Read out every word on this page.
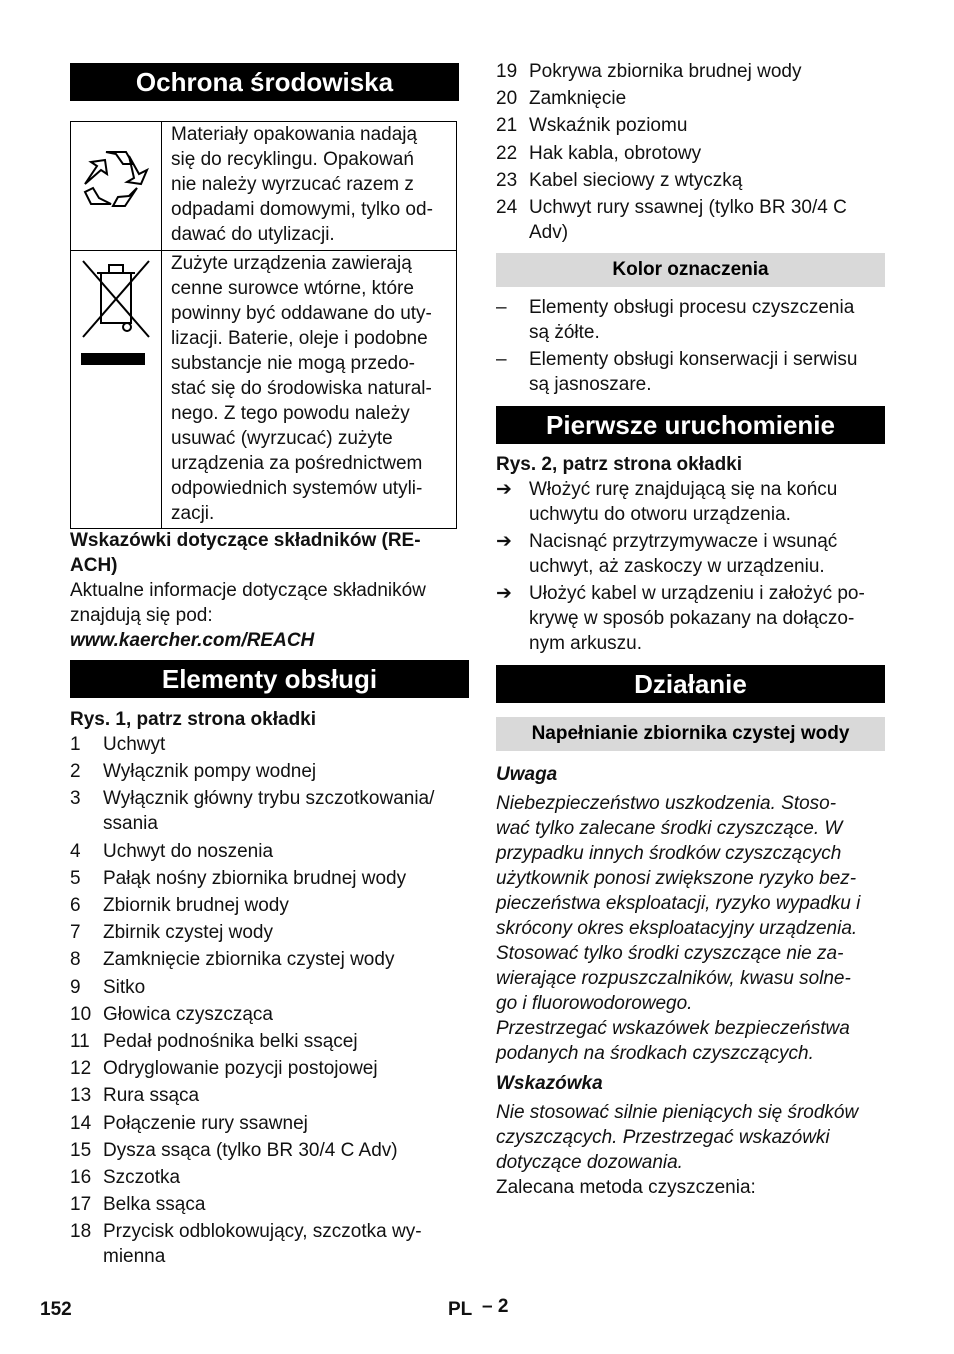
Ochrona środowiska
Materiały opakowania nadają
się do recyklingu. Opakowań
nie należy wyrzucać razem z
odpadami domowymi, tylko od-
dawać do utylizacji.
Zużyte urządzenia zawierają
cenne surowce wtórne, które
powinny być oddawane do uty-
lizacji. Baterie, oleje i podobne
substancje nie mogą przedo-
stać się do środowiska natural-
nego. Z tego powodu należy
usuwać (wyrzucać) zużyte
urządzenia za pośrednictwem
odpowiednich systemów utyli-
zacji.
Wskazówki dotyczące składników (RE-
ACH)
Aktualne informacje dotyczące składników
znajdują się pod:
www.kaercher.com/REACH
Elementy obsługi
Rys. 1, patrz strona okładki
1	Uchwyt
2	Wyłącznik pompy wodnej
3	Wyłącznik główny trybu szczotkowania/
ssania
4	Uchwyt do noszenia
5	Pałąk nośny zbiornika brudnej wody
6	Zbiornik brudnej wody
7	Zbirnik czystej wody
8	Zamknięcie zbiornika czystej wody
9	Sitko
10 Głowica czyszcząca
11 Pedał podnośnika belki ssącej
12 Odryglowanie pozycji postojowej
13 Rura ssąca
14 Połączenie rury ssawnej
15 Dysza ssąca (tylko BR 30/4 C Adv)
16 Szczotka
17 Belka ssąca
18 Przycisk odblokowujący, szczotka wy-
mienna
19 Pokrywa zbiornika brudnej wody
20 Zamknięcie
21 Wskaźnik poziomu
22 Hak kabla, obrotowy
23 Kabel sieciowy z wtyczką
24 Uchwyt rury ssawnej (tylko BR 30/4 C
Adv)
Kolor oznaczenia
–	Elementy obsługi procesu czyszczenia
są żółte.
–	Elementy obsługi konserwacji i serwisu
są jasnoszare.
Pierwsze uruchomienie
Rys. 2, patrz strona okładki
➔ Włożyć rurę znajdującą się na końcu
uchwytu do otworu urządzenia.
➔ Nacisnąć przytrzymywacze i wsunąć
uchwyt, aż zaskoczy w urządzeniu.
➔ Ułożyć kabel w urządzeniu i założyć po-
krywę w sposób pokazany na dołączo-
nym arkuszu.
Działanie
Napełnianie zbiornika czystej wody
Uwaga
Niebezpieczeństwo uszkodzenia. Stoso-
wać tylko zalecane środki czyszczące. W
przypadku innych środków czyszczących
użytkownik ponosi zwiększone ryzyko bez-
pieczeństwa eksploatacji, ryzyko wypadku i
skrócony okres eksploatacyjny urządzenia.
Stosować tylko środki czyszczące nie za-
wierające rozpuszczalników, kwasu solne-
go i fluorowodorowego.
Przestrzegać wskazówek bezpieczeństwa
podanych na środkach czyszczących.
Wskazówka
Nie stosować silnie pieniących się środków
czyszczących. Przestrzegać wskazówki
dotyczące dozowania.
Zalecana metoda czyszczenia:
152	PL – 2
